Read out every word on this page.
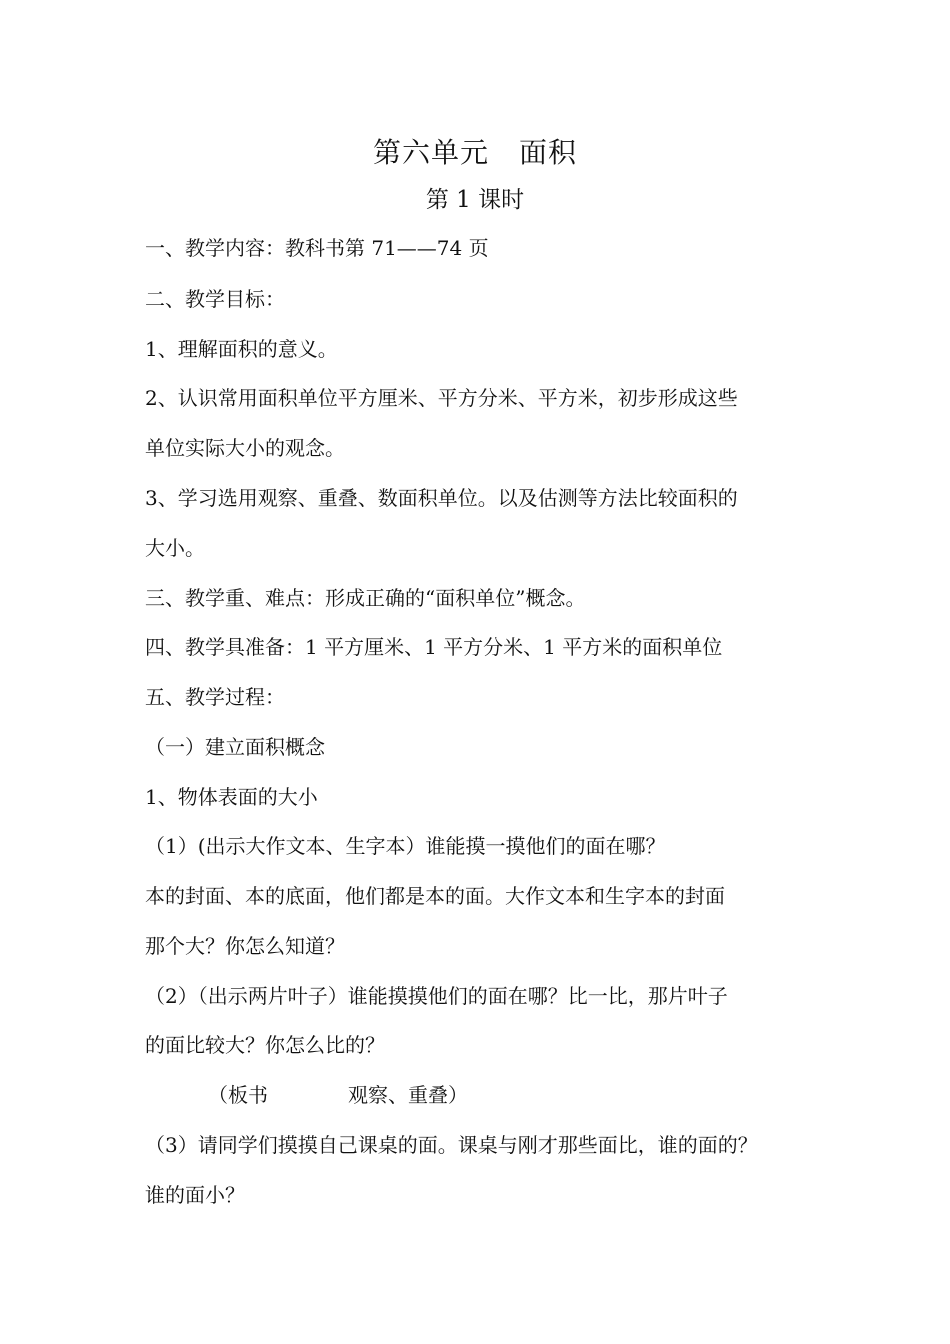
第六单元 面积
第 1 课时
一、教学内容：教科书第 71——74 页
二、教学目标：
1、理解面积的意义。
2、认识常用面积单位平方厘米、平方分米、平方米，初步形成这些
单位实际大小的观念。
3、学习选用观察、重叠、数面积单位。以及估测等方法比较面积的
大小。
三、教学重、难点：形成正确的“面积单位”概念。
四、教学具准备：1 平方厘米、1 平方分米、1 平方米的面积单位
五、教学过程：
（一）建立面积概念
1、物体表面的大小
（1）(出示大作文本、生字本）谁能摸一摸他们的面在哪？
本的封面、本的底面，他们都是本的面。大作文本和生字本的封面
那个大？你怎么知道？
（2）（出示两片叶子）谁能摸摸他们的面在哪？比一比，那片叶子
的面比较大？你怎么比的？
（板书	观察、重叠）
（3）请同学们摸摸自己课桌的面。课桌与刚才那些面比，谁的面的？
谁的面小？
